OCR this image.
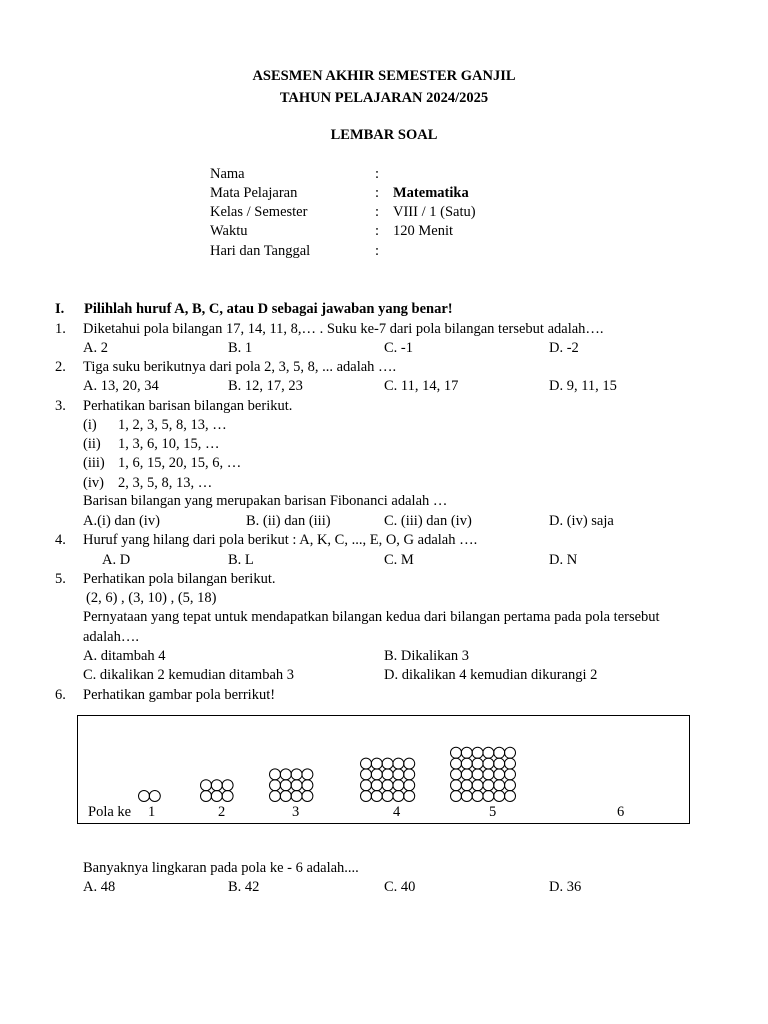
ASESMEN AKHIR SEMESTER GANJIL
TAHUN PELAJARAN 2024/2025
LEMBAR SOAL
Nama	:
Mata Pelajaran	: Matematika
Kelas / Semester	: VIII / 1 (Satu)
Waktu	: 120 Menit
Hari dan Tanggal	:
I. Pilihlah huruf A, B, C, atau D sebagai jawaban yang benar!
1. Diketahui pola bilangan 17, 14, 11, 8,… . Suku ke-7 dari pola bilangan tersebut adalah….
A. 2	B. 1	C. -1	D. -2
2. Tiga suku berikutnya dari pola 2, 3, 5, 8, ... adalah ….
A. 13, 20, 34	B. 12, 17, 23	C. 11, 14, 17	D. 9, 11, 15
3. Perhatikan barisan bilangan berikut.
(i) 1, 2, 3, 5, 8, 13, …
(ii) 1, 3, 6, 10, 15, …
(iii) 1, 6, 15, 20, 15, 6, …
(iv) 2, 3, 5, 8, 13, …
Barisan bilangan yang merupakan barisan Fibonanci adalah …
A.(i) dan (iv)	B. (ii) dan (iii)	C. (iii) dan (iv)	D. (iv) saja
4. Huruf yang hilang dari pola berikut : A, K, C, ..., E, O, G adalah ….
A. D	B. L	C. M	D. N
5. Perhatikan pola bilangan berikut.
(2, 6) , (3, 10) , (5, 18)
Pernyataan yang tepat untuk mendapatkan bilangan kedua dari bilangan pertama pada pola tersebut
adalah….
A. ditambah 4	B. Dikalikan 3
C. dikalikan 2 kemudian ditambah 3	D. dikalikan 4 kemudian dikurangi 2
6. Perhatikan gambar pola berrikut!
Pola ke 1	2	3	4	5	6
Banyaknya lingkaran pada pola ke - 6 adalah....
A. 48	B. 42	C. 40	D. 36
